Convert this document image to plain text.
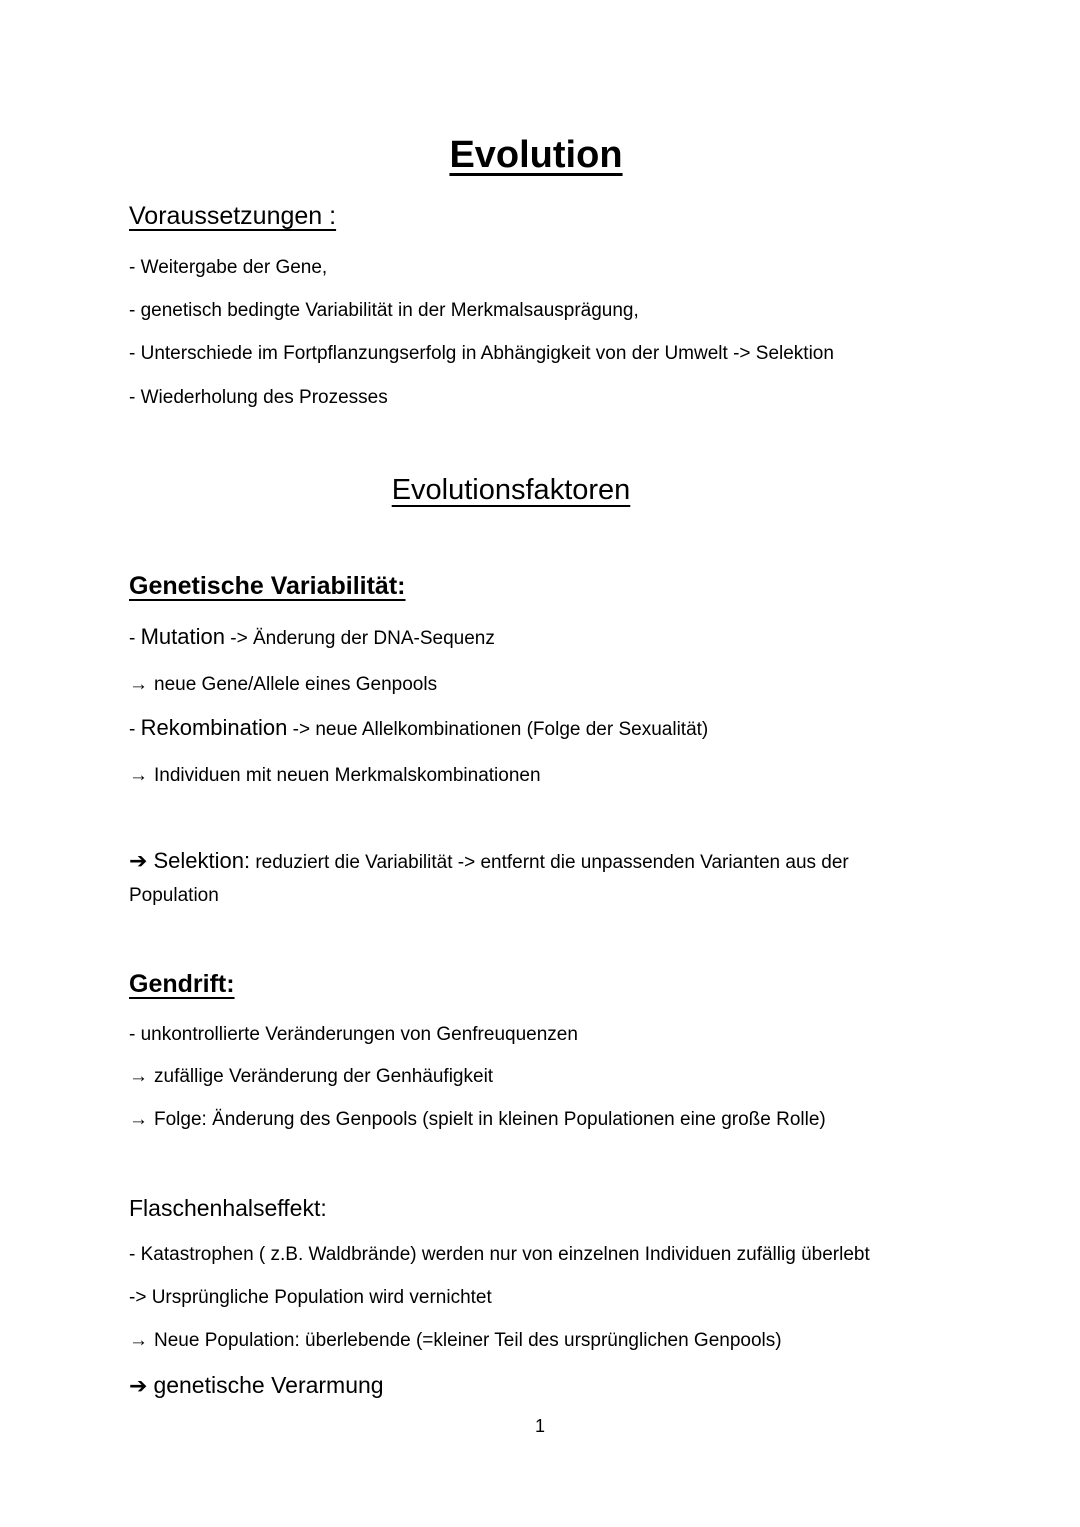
Evolution
Voraussetzungen :
- Weitergabe der Gene,
- genetisch bedingte Variabilität in der Merkmalsausprägung,
- Unterschiede im Fortpflanzungserfolg in Abhängigkeit von der Umwelt -> Selektion
- Wiederholung des Prozesses
Evolutionsfaktoren
Genetische Variabilität:
- Mutation -> Änderung der DNA-Sequenz
→ neue Gene/Allele eines Genpools
- Rekombination -> neue Allelkombinationen (Folge der Sexualität)
→ Individuen mit neuen Merkmalskombinationen
➔ Selektion: reduziert die Variabilität -> entfernt die unpassenden Varianten aus der
Population
Gendrift:
- unkontrollierte Veränderungen von Genfreuquenzen
→ zufällige Veränderung der Genhäufigkeit
→ Folge: Änderung des Genpools (spielt in kleinen Populationen eine große Rolle)
Flaschenhalseffekt:
- Katastrophen ( z.B. Waldbrände) werden nur von einzelnen Individuen zufällig überlebt
-> Ursprüngliche Population wird vernichtet
→ Neue Population: überlebende (=kleiner Teil des ursprünglichen Genpools)
➔ genetische Verarmung
1
